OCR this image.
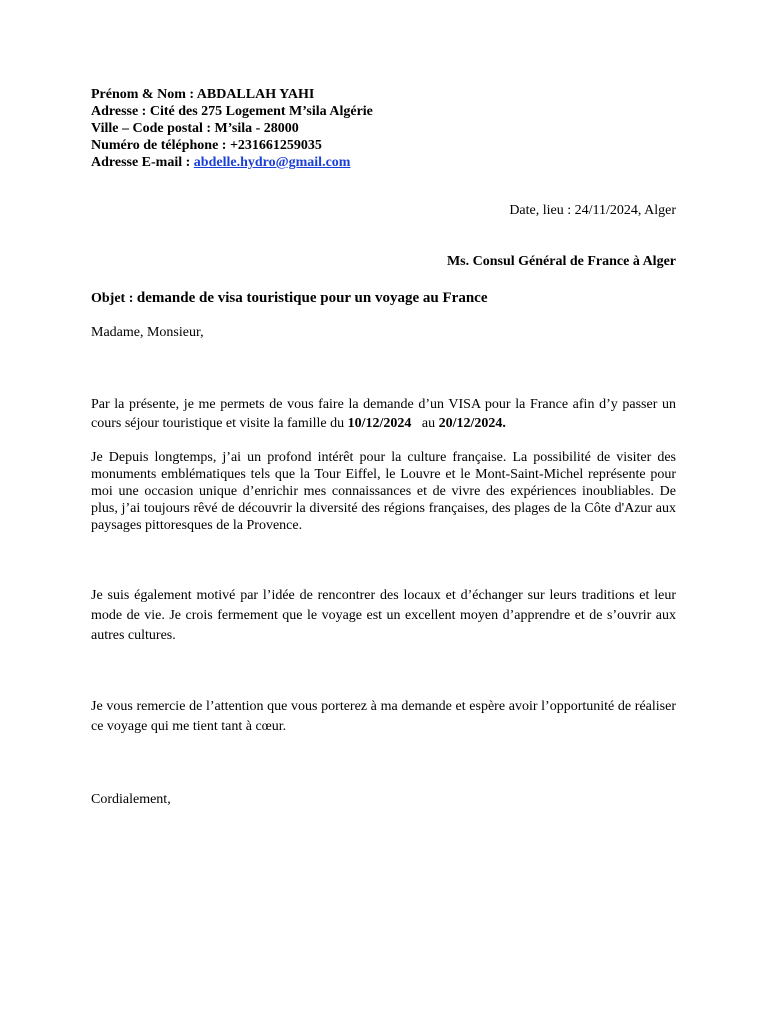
Prénom & Nom : ABDALLAH YAHI
Adresse : Cité des 275 Logement M’sila Algérie
Ville – Code postal : M’sila - 28000
Numéro de téléphone : +231661259035
Adresse E-mail : abdelle.hydro@gmail.com
Date, lieu : 24/11/2024, Alger
Ms. Consul Général de France à Alger
Objet : demande de visa touristique pour un voyage au France
Madame, Monsieur,
Par la présente, je me permets de vous faire la demande d’un VISA pour la France afin d’y passer un cours séjour touristique et visite la famille du 10/12/2024   au 20/12/2024.
Je Depuis longtemps, j’ai un profond intérêt pour la culture française. La possibilité de visiter des monuments emblématiques tels que la Tour Eiffel, le Louvre et le Mont-Saint-Michel représente pour moi une occasion unique d’enrichir mes connaissances et de vivre des expériences inoubliables. De plus, j’ai toujours rêvé de découvrir la diversité des régions françaises, des plages de la Côte d'Azur aux paysages pittoresques de la Provence.
Je suis également motivé par l’idée de rencontrer des locaux et d’échanger sur leurs traditions et leur mode de vie. Je crois fermement que le voyage est un excellent moyen d’apprendre et de s’ouvrir aux autres cultures.
Je vous remercie de l’attention que vous porterez à ma demande et espère avoir l’opportunité de réaliser ce voyage qui me tient tant à cœur.
Cordialement,
